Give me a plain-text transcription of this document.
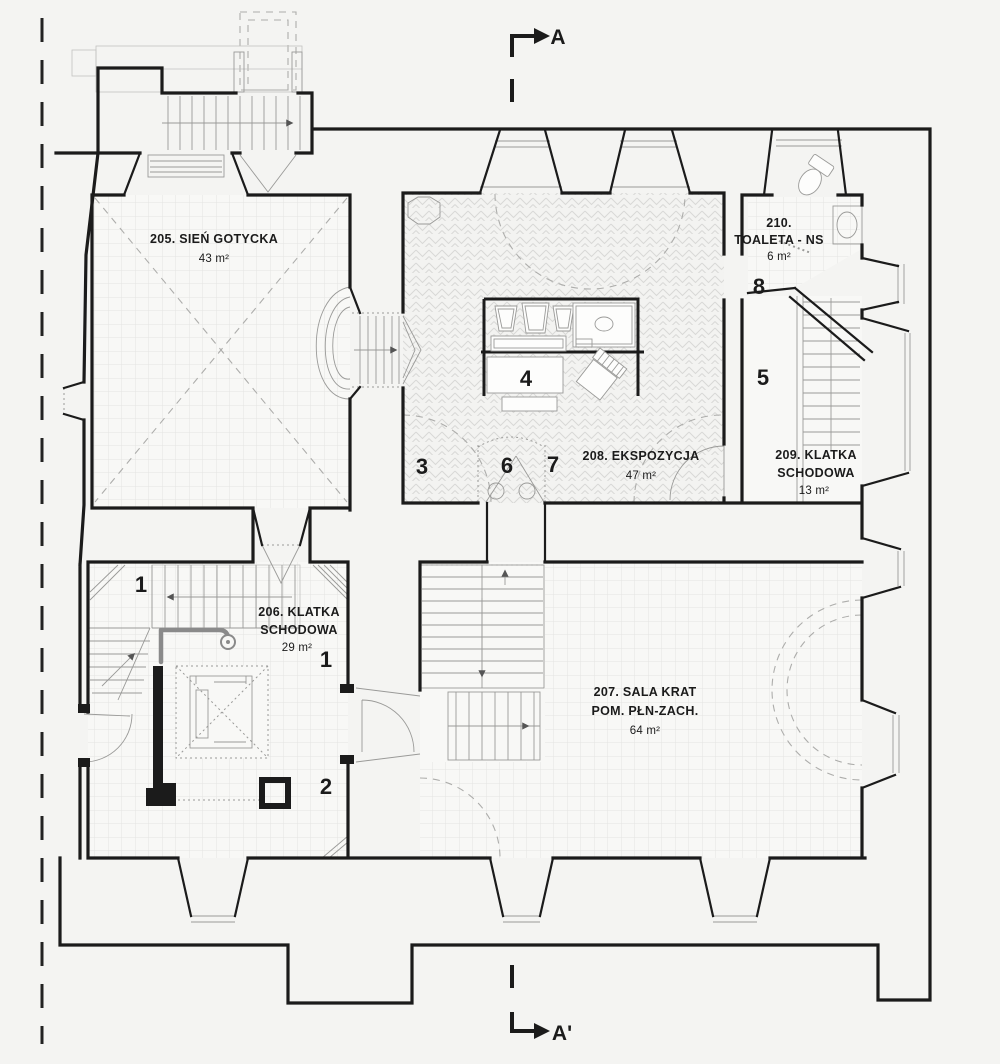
A
A'
205. SIEŃ GOTYCKA
43 m²
208. EKSPOZYCJA
47 m²
209. KLATKA
SCHODOWA
13 m²
210.
TOALETA - NS
6 m²
206. KLATKA
SCHODOWA
29 m²
207. SALA KRAT
POM. PŁN-ZACH.
64 m²
1
1
2
3
4	5
6 7
8
